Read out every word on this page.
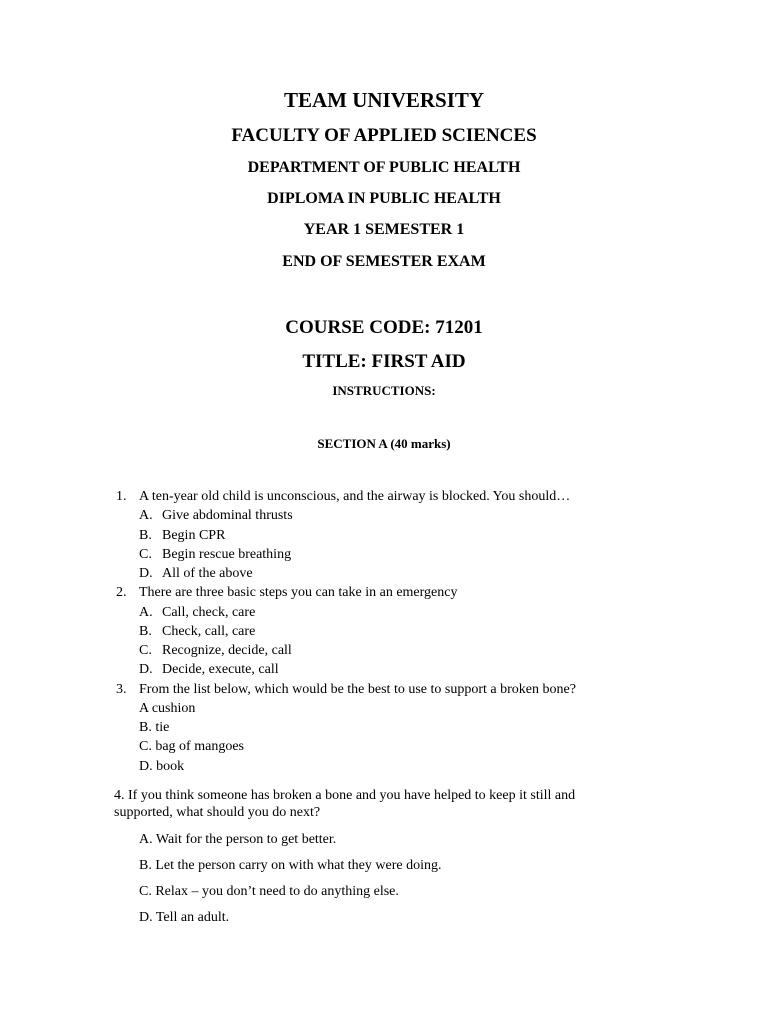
TEAM UNIVERSITY
FACULTY OF APPLIED SCIENCES
DEPARTMENT OF PUBLIC HEALTH
DIPLOMA IN PUBLIC HEALTH
YEAR 1 SEMESTER 1
END OF SEMESTER EXAM
COURSE CODE: 71201
TITLE: FIRST AID
INSTRUCTIONS:
SECTION A (40 marks)
1. A ten-year old child is unconscious, and the airway is blocked. You should…
A. Give abdominal thrusts
B. Begin CPR
C. Begin rescue breathing
D. All of the above
2. There are three basic steps you can take in an emergency
A. Call, check, care
B. Check, call, care
C. Recognize, decide, call
D. Decide, execute, call
3. From the list below, which would be the best to use to support a broken bone?
A cushion
B. tie
C. bag of mangoes
D. book
4. If you think someone has broken a bone and you have helped to keep it still and
supported, what should you do next?
A. Wait for the person to get better.
B. Let the person carry on with what they were doing.
C. Relax – you don’t need to do anything else.
D. Tell an adult.
